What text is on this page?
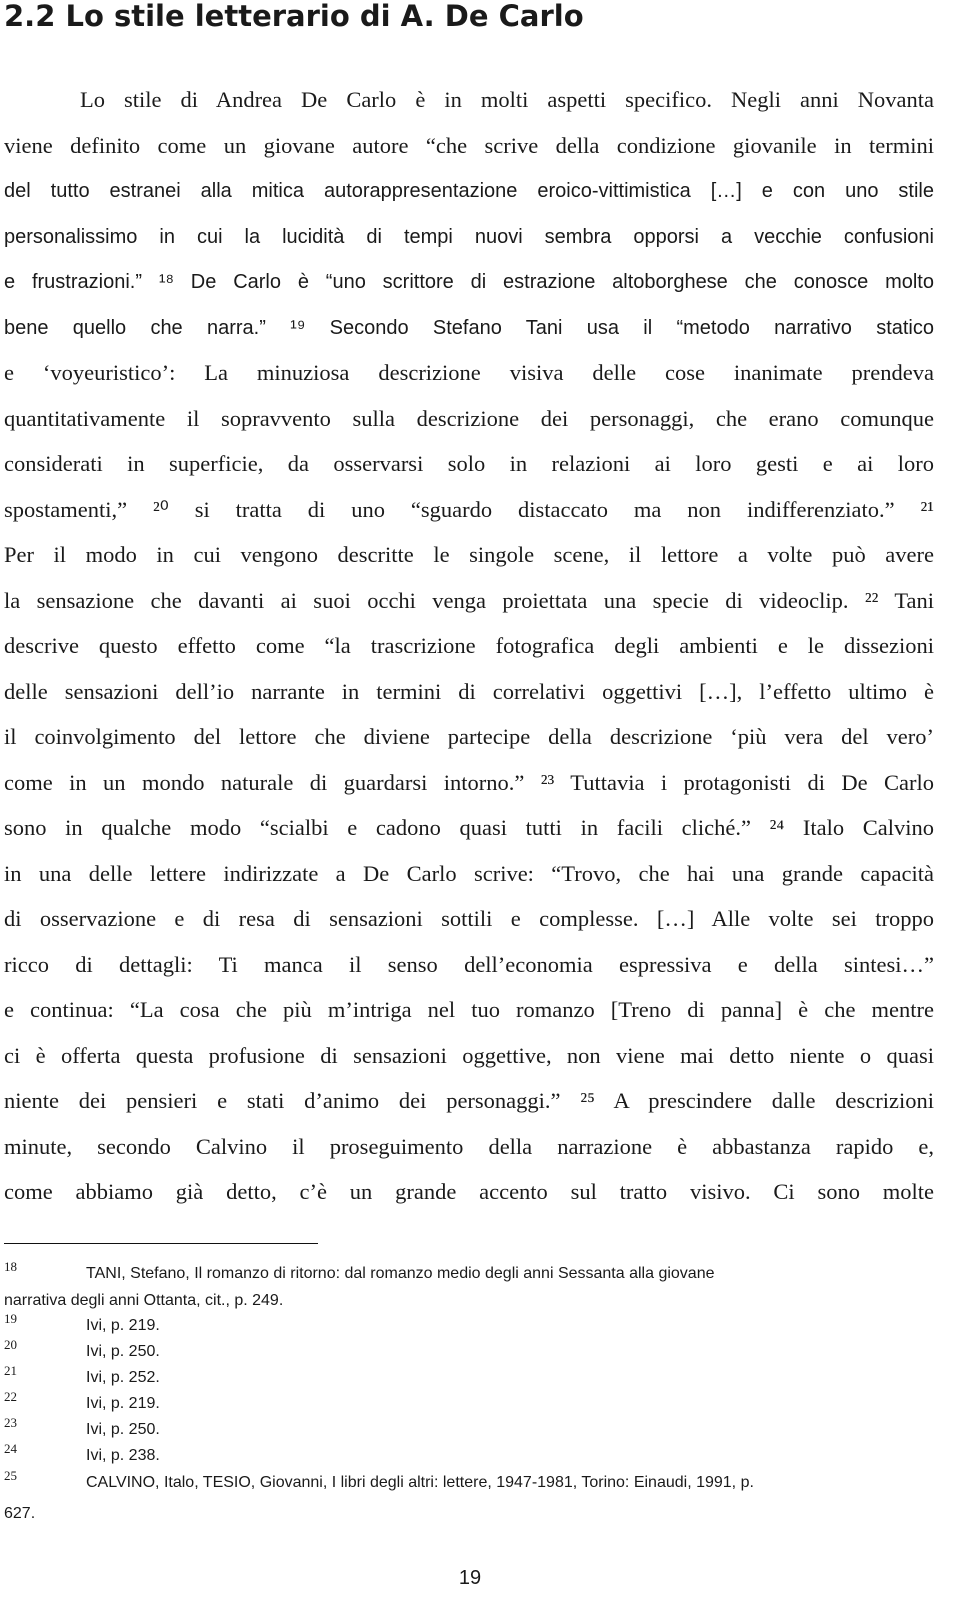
2.2 Lo stile letterario di A. De Carlo
Lo stile di Andrea De Carlo è in molti aspetti specifico. Negli anni Novanta
viene definito come un giovane autore “che scrive della condizione giovanile in termini
del tutto estranei alla mitica autorappresentazione eroico-vittimistica […] e con uno stile
personalissimo in cui la lucidità di tempi nuovi sembra opporsi a vecchie confusioni
e frustrazioni.” ¹⁸ De Carlo è “uno scrittore di estrazione altoborghese che conosce molto
bene quello che narra.” ¹⁹ Secondo Stefano Tani usa il “metodo narrativo statico
e ‘voyeuristico’: La minuziosa descrizione visiva delle cose inanimate prendeva
quantitativamente il sopravvento sulla descrizione dei personaggi, che erano comunque
considerati in superficie, da osservarsi solo in relazioni ai loro gesti e ai loro
spostamenti,” ²⁰ si tratta di uno “sguardo distaccato ma non indifferenziato.” ²¹
Per il modo in cui vengono descritte le singole scene, il lettore a volte può avere
la sensazione che davanti ai suoi occhi venga proiettata una specie di videoclip. ²² Tani
descrive questo effetto come “la trascrizione fotografica degli ambienti e le dissezioni
delle sensazioni dell’io narrante in termini di correlativi oggettivi […], l’effetto ultimo è
il coinvolgimento del lettore che diviene partecipe della descrizione ‘più vera del vero’
come in un mondo naturale di guardarsi intorno.” ²³ Tuttavia i protagonisti di De Carlo
sono in qualche modo “scialbi e cadono quasi tutti in facili cliché.” ²⁴ Italo Calvino
in una delle lettere indirizzate a De Carlo scrive: “Trovo, che hai una grande capacità
di osservazione e di resa di sensazioni sottili e complesse. […] Alle volte sei troppo
ricco di dettagli: Ti manca il senso dell’economia espressiva e della sintesi…”
e continua: “La cosa che più m’intriga nel tuo romanzo [Treno di panna] è che mentre
ci è offerta questa profusione di sensazioni oggettive, non viene mai detto niente o quasi
niente dei pensieri e stati d’animo dei personaggi.” ²⁵ A prescindere dalle descrizioni
minute, secondo Calvino il proseguimento della narrazione è abbastanza rapido e,
come abbiamo già detto, c’è un grande accento sul tratto visivo. Ci sono molte
18	TANI, Stefano, Il romanzo di ritorno: dal romanzo medio degli anni Sessanta alla giovane
narrativa degli anni Ottanta, cit., p. 249.
19	Ivi, p. 219.
20	Ivi, p. 250.
21	Ivi, p. 252.
22	Ivi, p. 219.
23	Ivi, p. 250.
24	Ivi, p. 238.
25	CALVINO, Italo, TESIO, Giovanni, I libri degli altri: lettere, 1947-1981, Torino: Einaudi, 1991, p.
627.
19
